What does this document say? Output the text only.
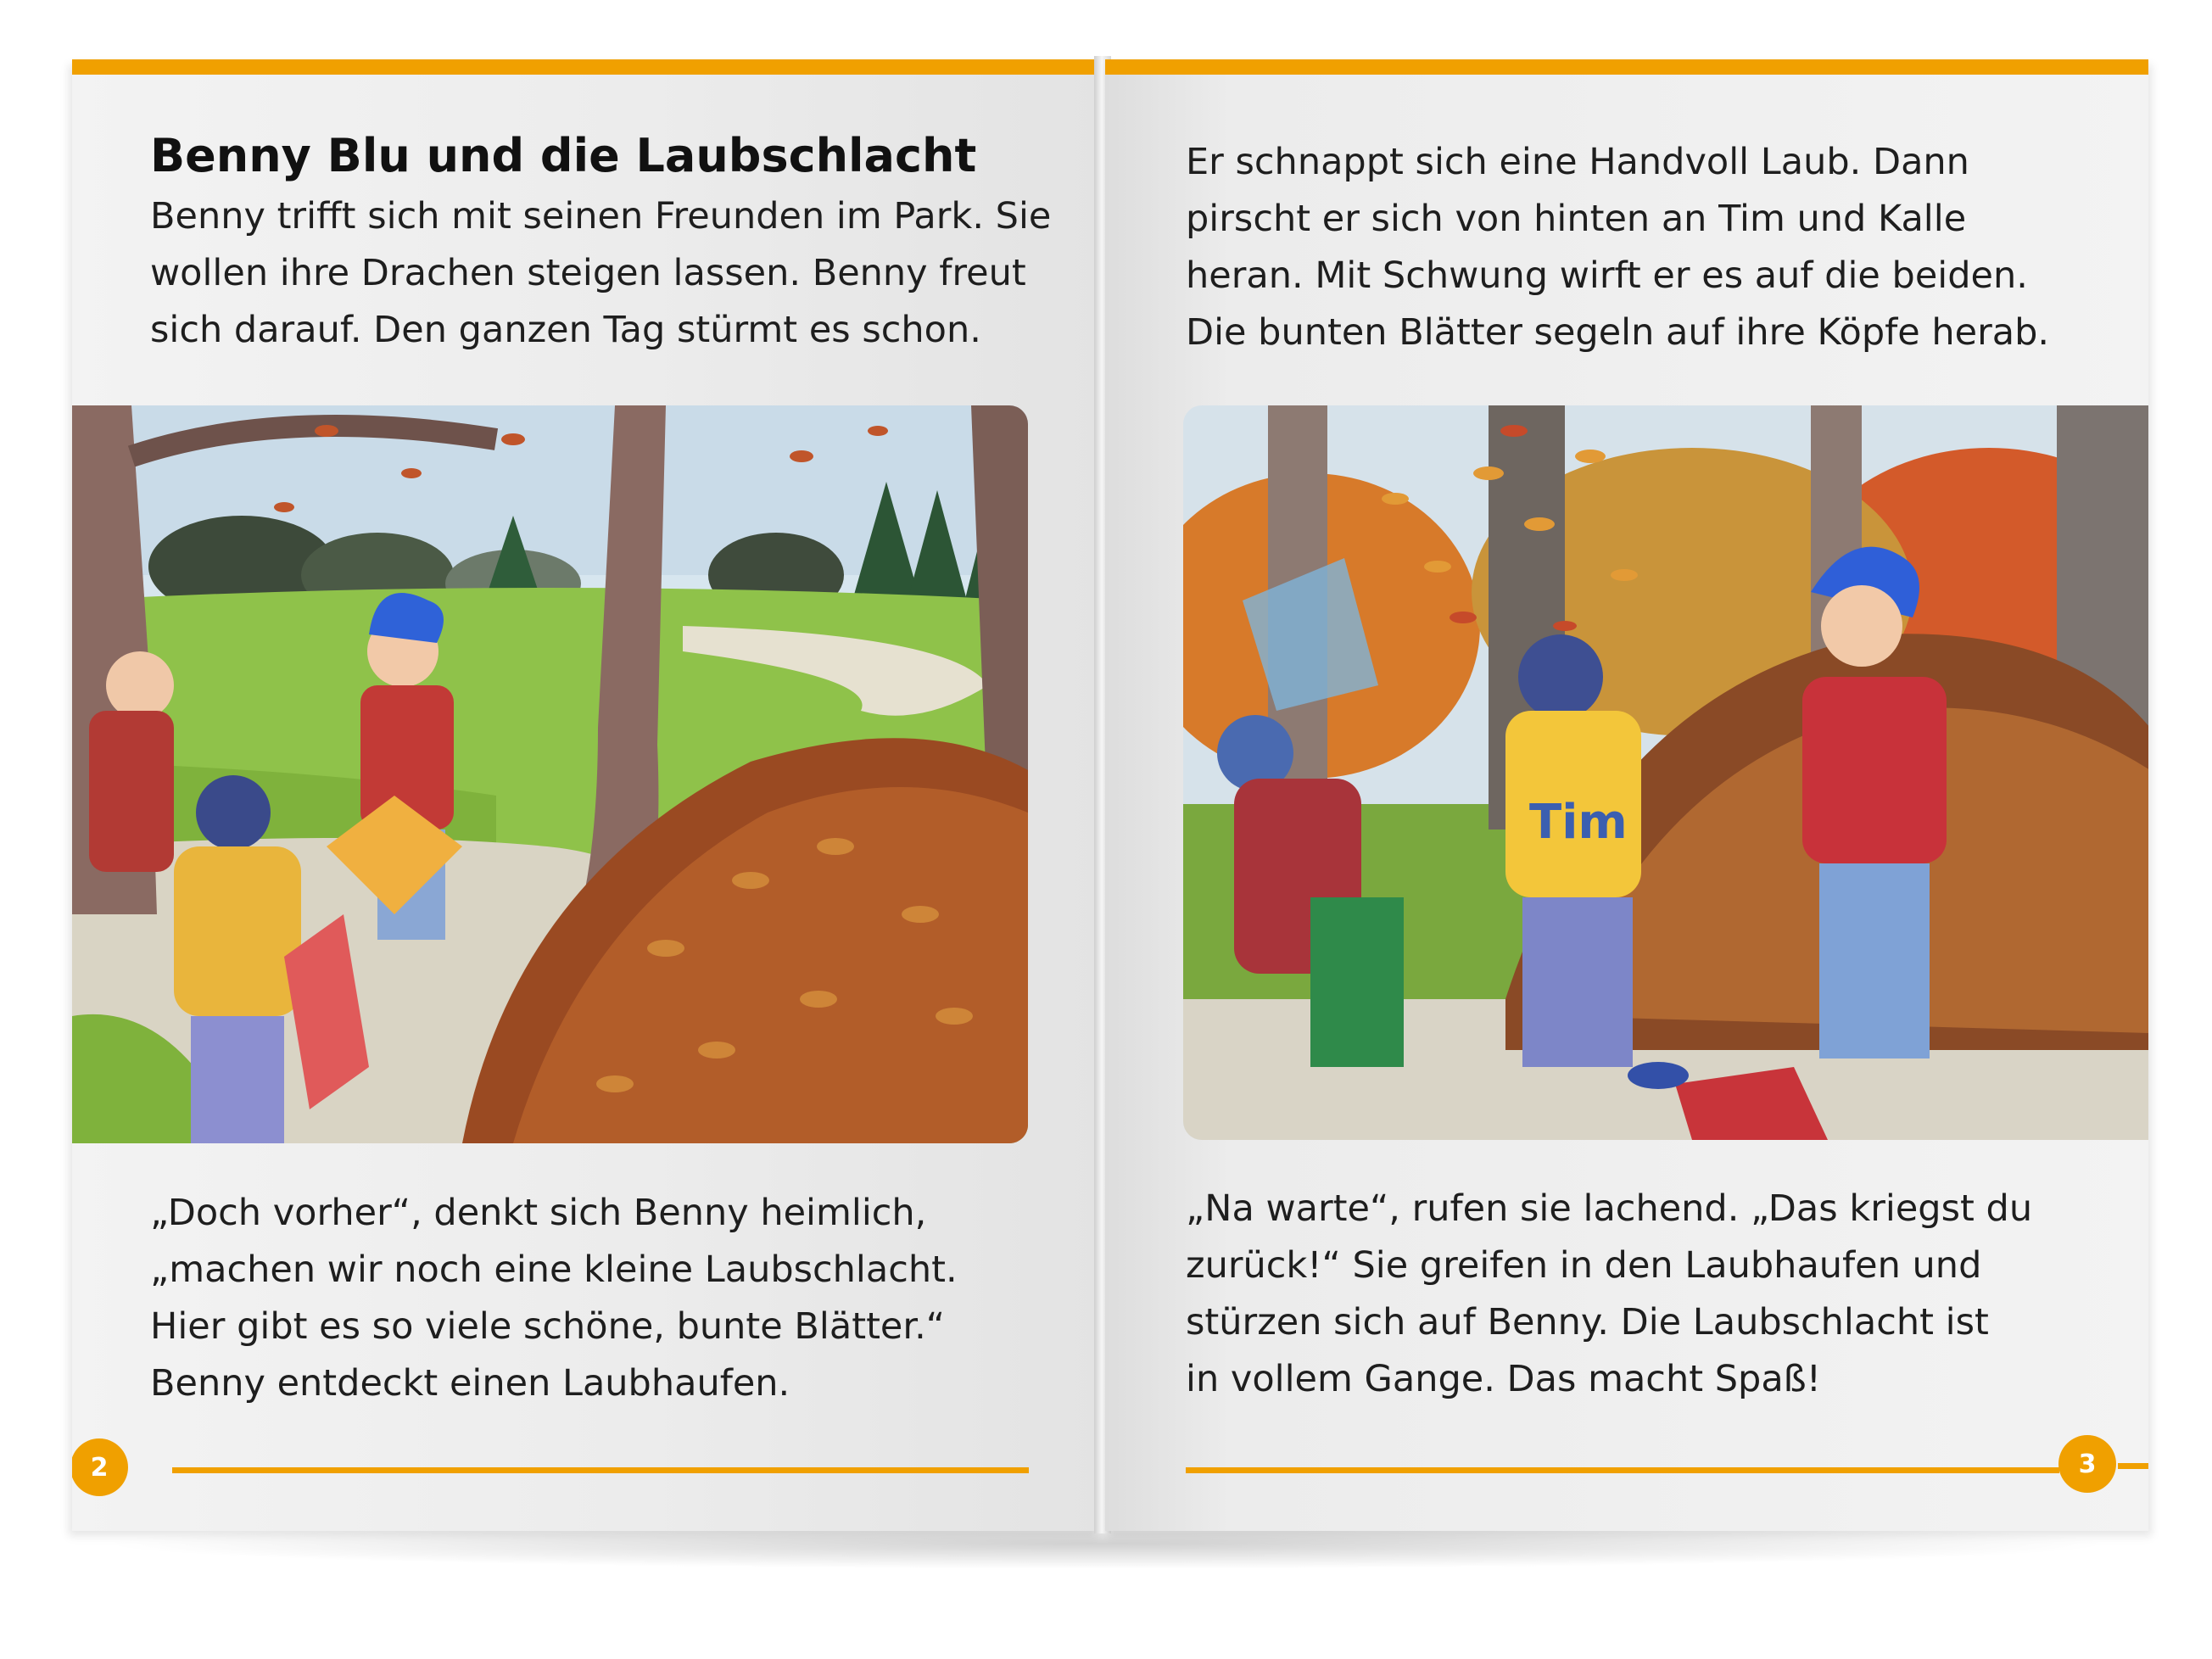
Benny Blu und die Laubschlacht
Benny trifft sich mit seinen Freunden im Park. Sie
wollen ihre Drachen steigen lassen. Benny freut
sich darauf. Den ganzen Tag stürmt es schon.
„Doch vorher“, denkt sich Benny heimlich,
„machen wir noch eine kleine Laubschlacht.
Hier gibt es so viele schöne, bunte Blätter.“
Benny entdeckt einen Laubhaufen.
2
Er schnappt sich eine Handvoll Laub. Dann
pirscht er sich von hinten an Tim und Kalle
heran. Mit Schwung wirft er es auf die beiden.
Die bunten Blätter segeln auf ihre Köpfe herab.
Tim
„Na warte“, rufen sie lachend. „Das kriegst du
zurück!“ Sie greifen in den Laubhaufen und
stürzen sich auf Benny. Die Laubschlacht ist
in vollem Gange. Das macht Spaß!
3
